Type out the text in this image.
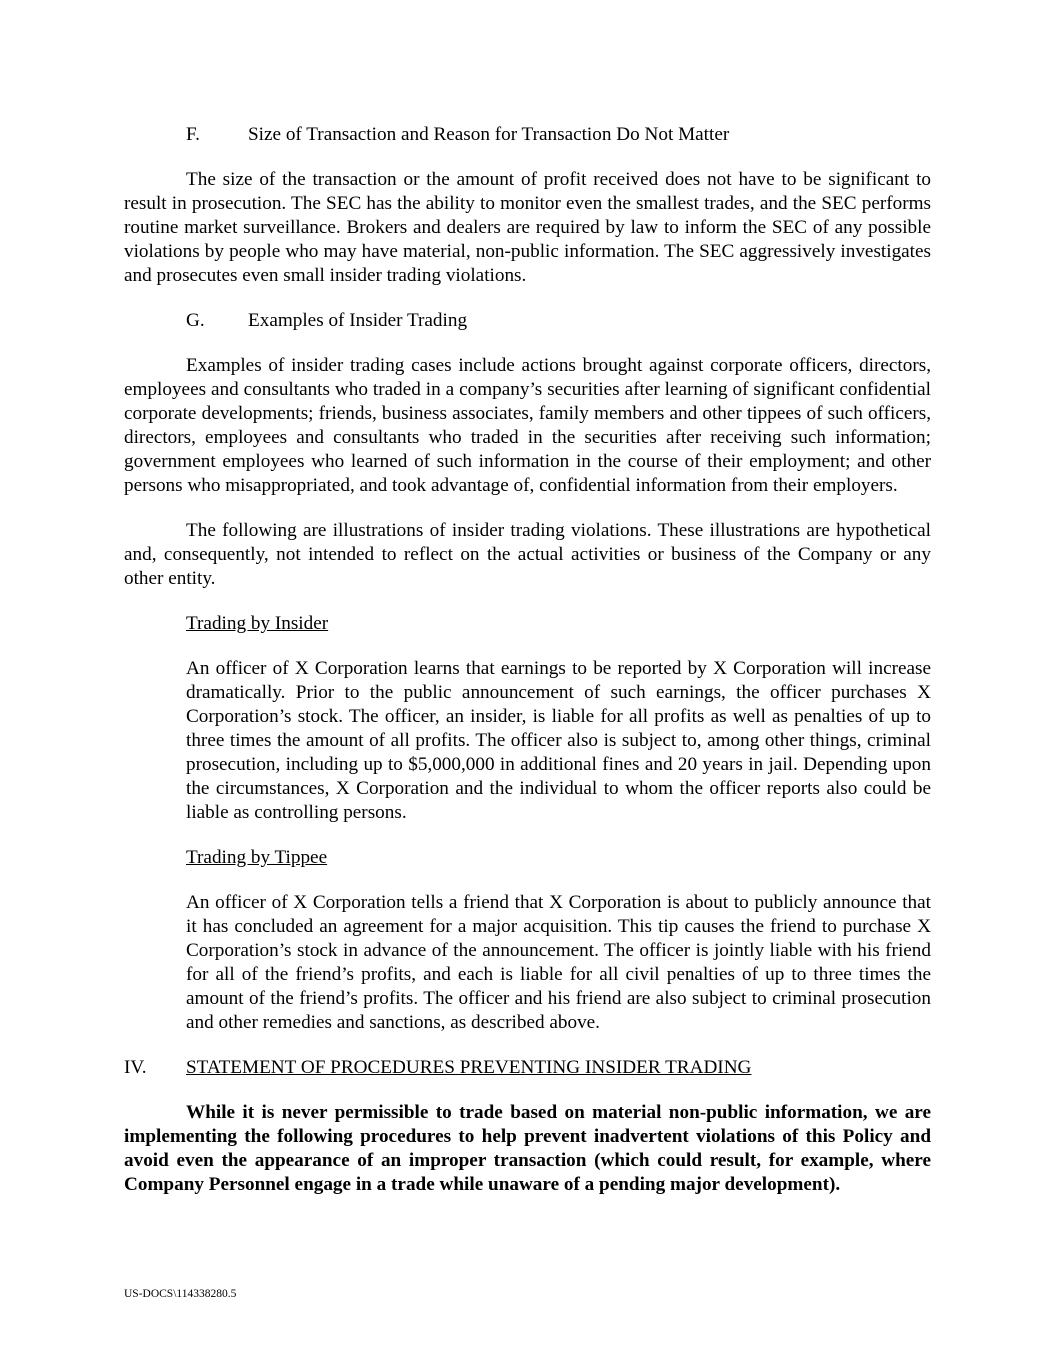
F.	Size of Transaction and Reason for Transaction Do Not Matter

The size of the transaction or the amount of profit received does not have to be significant to result in prosecution. The SEC has the ability to monitor even the smallest trades, and the SEC performs routine market surveillance. Brokers and dealers are required by law to inform the SEC of any possible violations by people who may have material, non-public information. The SEC aggressively investigates and prosecutes even small insider trading violations.

G. Examples of Insider Trading

Examples of insider trading cases include actions brought against corporate officers, directors, employees and consultants who traded in a company’s securities after learning of significant confidential corporate developments; friends, business associates, family members and other tippees of such officers, directors, employees and consultants who traded in the securities after receiving such information; government employees who learned of such information in the course of their employment; and other persons who misappropriated, and took advantage of, confidential information from their employers.

The following are illustrations of insider trading violations. These illustrations are hypothetical and, consequently, not intended to reflect on the actual activities or business of the Company or any other entity.

Trading by Insider

An officer of X Corporation learns that earnings to be reported by X Corporation will increase dramatically. Prior to the public announcement of such earnings, the officer purchases X Corporation’s stock. The officer, an insider, is liable for all profits as well as penalties of up to three times the amount of all profits. The officer also is subject to, among other things, criminal prosecution, including up to $5,000,000 in additional fines and 20 years in jail. Depending upon the circumstances, X Corporation and the individual to whom the officer reports also could be liable as controlling persons.

Trading by Tippee

An officer of X Corporation tells a friend that X Corporation is about to publicly announce that it has concluded an agreement for a major acquisition. This tip causes the friend to purchase X Corporation’s stock in advance of the announcement. The officer is jointly liable with his friend for all of the friend’s profits, and each is liable for all civil penalties of up to three times the amount of the friend’s profits. The officer and his friend are also subject to criminal prosecution and other remedies and sanctions, as described above.

IV. STATEMENT OF PROCEDURES PREVENTING INSIDER TRADING

While it is never permissible to trade based on material non-public information, we are implementing the following procedures to help prevent inadvertent violations of this Policy and avoid even the appearance of an improper transaction (which could result, for example, where Company Personnel engage in a trade while unaware of a pending major development).

US-DOCS\114338280.5
